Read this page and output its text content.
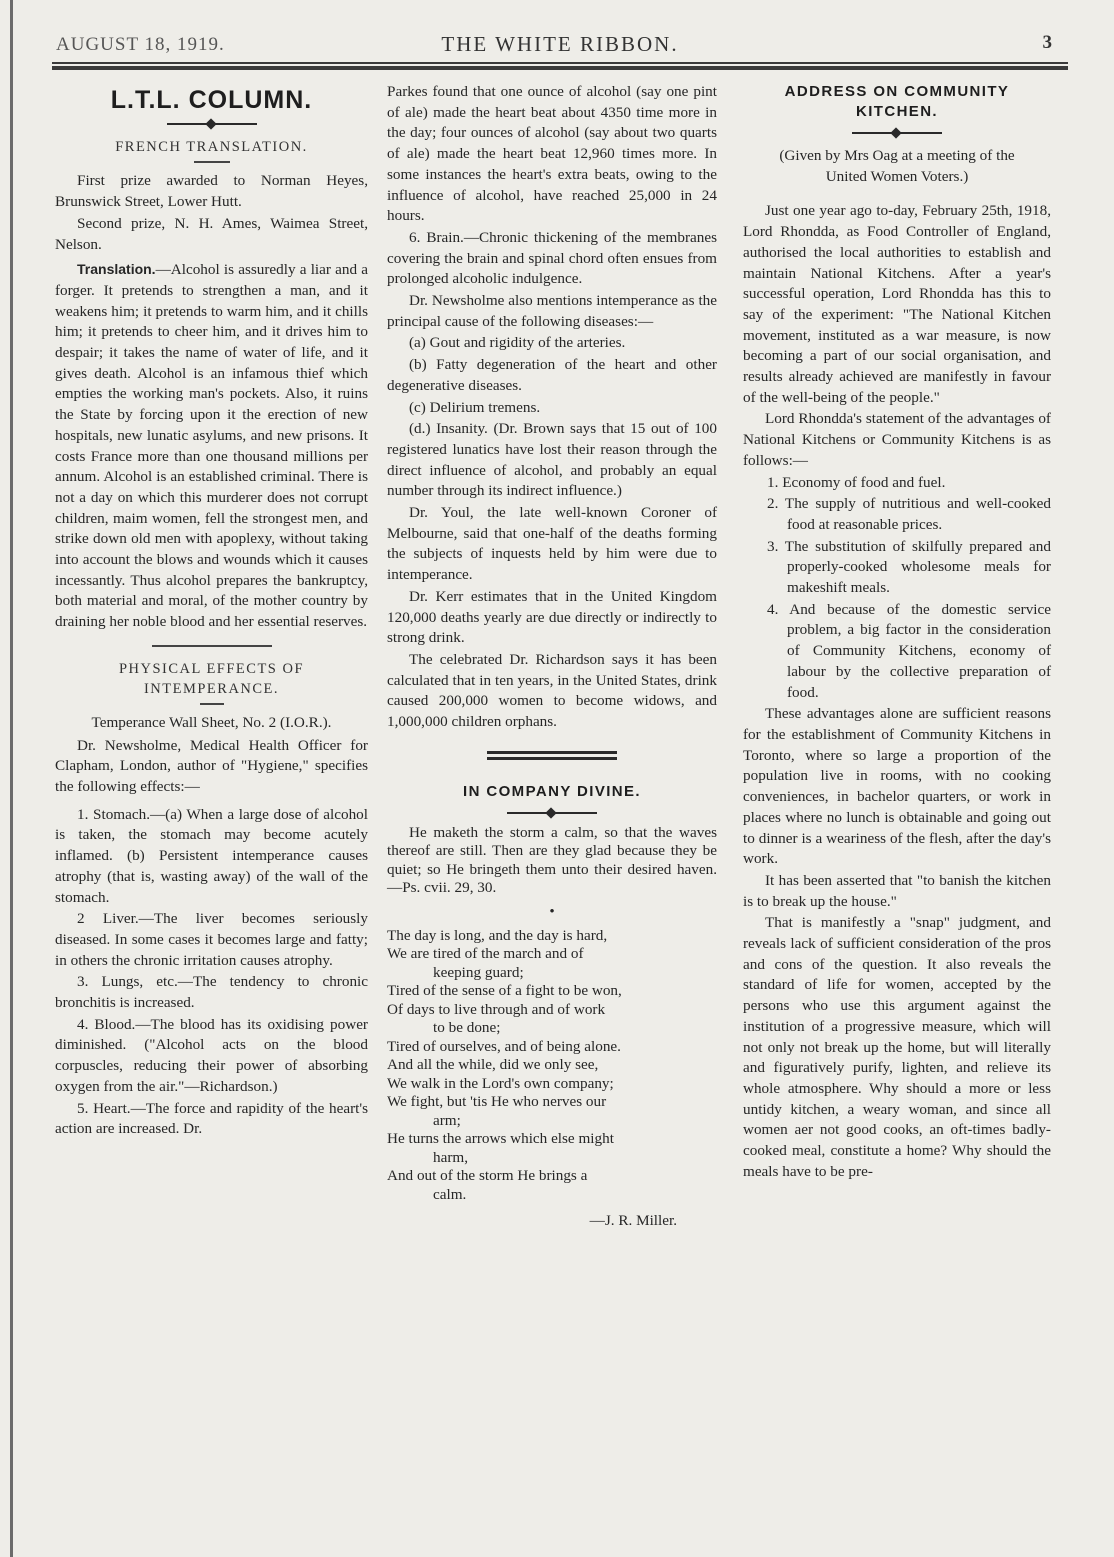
AUGUST 18, 1919.	THE WHITE RIBBON.	3
L.T.L. COLUMN.
FRENCH TRANSLATION.

First prize awarded to Norman Heyes, Brunswick Street, Lower Hutt.

Second prize, N. H. Ames, Waimea Street, Nelson.

Translation.—Alcohol is assuredly a liar and a forger. It pretends to strengthen a man, and it weakens him; it pretends to warm him, and it chills him; it pretends to cheer him, and it drives him to despair; it takes the name of water of life, and it gives death. Alcohol is an infamous thief which empties the working man's pockets. Also, it ruins the State by forcing upon it the erection of new hospitals, new lunatic asylums, and new prisons. It costs France more than one thousand millions per annum. Alcohol is an established criminal. There is not a day on which this murderer does not corrupt children, maim women, fell the strongest men, and strike down old men with apoplexy, without taking into account the blows and wounds which it causes incessantly. Thus alcohol prepares the bankruptcy, both material and moral, of the mother country by draining her noble blood and her essential reserves.

PHYSICAL EFFECTS OF INTEMPERANCE.

Temperance Wall Sheet, No. 2 (I.O.R.).

Dr. Newsholme, Medical Health Officer for Clapham, London, author of "Hygiene," specifies the following effects:—

1. Stomach.—(a) When a large dose of alcohol is taken, the stomach may become acutely inflamed. (b) Persistent intemperance causes atrophy (that is, wasting away) of the wall of the stomach.

2 Liver.—The liver becomes seriously diseased. In some cases it becomes large and fatty; in others the chronic irritation causes atrophy.

3. Lungs, etc.—The tendency to chronic bronchitis is increased.

4. Blood.—The blood has its oxidising power diminished. ("Alcohol acts on the blood corpuscles, reducing their power of absorbing oxygen from the air."—Richardson.)

5. Heart.—The force and rapidity of the heart's action are increased. Dr.

Parkes found that one ounce of alcohol (say one pint of ale) made the heart beat about 4350 time more in the day; four ounces of alcohol (say about two quarts of ale) made the heart beat 12,960 times more. In some instances the heart's extra beats, owing to the influence of alcohol, have reached 25,000 in 24 hours.

6. Brain.—Chronic thickening of the membranes covering the brain and spinal chord often ensues from prolonged alcoholic indulgence.

Dr. Newsholme also mentions intemperance as the principal cause of the following diseases:—

(a) Gout and rigidity of the arteries.

(b) Fatty degeneration of the heart and other degenerative diseases.

(c) Delirium tremens.

(d.) Insanity. (Dr. Brown says that 15 out of 100 registered lunatics have lost their reason through the direct influence of alcohol, and probably an equal number through its indirect influence.)

Dr. Youl, the late well-known Coroner of Melbourne, said that one-half of the deaths forming the subjects of inquests held by him were due to intemperance.

Dr. Kerr estimates that in the United Kingdom 120,000 deaths yearly are due directly or indirectly to strong drink.

The celebrated Dr. Richardson says it has been calculated that in ten years, in the United States, drink caused 200,000 women to become widows, and 1,000,000 children orphans.

IN COMPANY DIVINE.

He maketh the storm a calm, so that the waves thereof are still. Then are they glad because they be quiet; so He bringeth them unto their desired haven.—Ps. cvii. 29, 30.

•

The day is long, and the day is hard,

We are tired of the march and of

keeping guard;

Tired of the sense of a fight to be won,

Of days to live through and of work

to be done;

Tired of ourselves, and of being alone.

And all the while, did we only see,

We walk in the Lord's own company;

We fight, but 'tis He who nerves our

arm;

He turns the arrows which else might

harm,

And out of the storm He brings a

calm.

—J. R. Miller.

ADDRESS ON COMMUNITY KITCHEN.

(Given by Mrs Oag at a meeting of the United Women Voters.)

Just one year ago to-day, February 25th, 1918, Lord Rhondda, as Food Controller of England, authorised the local authorities to establish and maintain National Kitchens. After a year's successful operation, Lord Rhondda has this to say of the experiment: "The National Kitchen movement, instituted as a war measure, is now becoming a part of our social organisation, and results already achieved are manifestly in favour of the well-being of the people."

Lord Rhondda's statement of the advantages of National Kitchens or Community Kitchens is as follows:—

1. Economy of food and fuel.

2. The supply of nutritious and well-cooked food at reasonable prices.

3. The substitution of skilfully prepared and properly-cooked wholesome meals for makeshift meals.

4. And because of the domestic service problem, a big factor in the consideration of Community Kitchens, economy of labour by the collective preparation of food.

These advantages alone are sufficient reasons for the establishment of Community Kitchens in Toronto, where so large a proportion of the population live in rooms, with no cooking conveniences, in bachelor quarters, or work in places where no lunch is obtainable and going out to dinner is a weariness of the flesh, after the day's work.

It has been asserted that "to banish the kitchen is to break up the house."

That is manifestly a "snap" judgment, and reveals lack of sufficient consideration of the pros and cons of the question. It also reveals the standard of life for women, accepted by the persons who use this argument against the institution of a progressive measure, which will not only not break up the home, but will literally and figuratively purify, lighten, and relieve its whole atmosphere. Why should a more or less untidy kitchen, a weary woman, and since all women aer not good cooks, an oft-times badly-cooked meal, constitute a home? Why should the meals have to be pre-
